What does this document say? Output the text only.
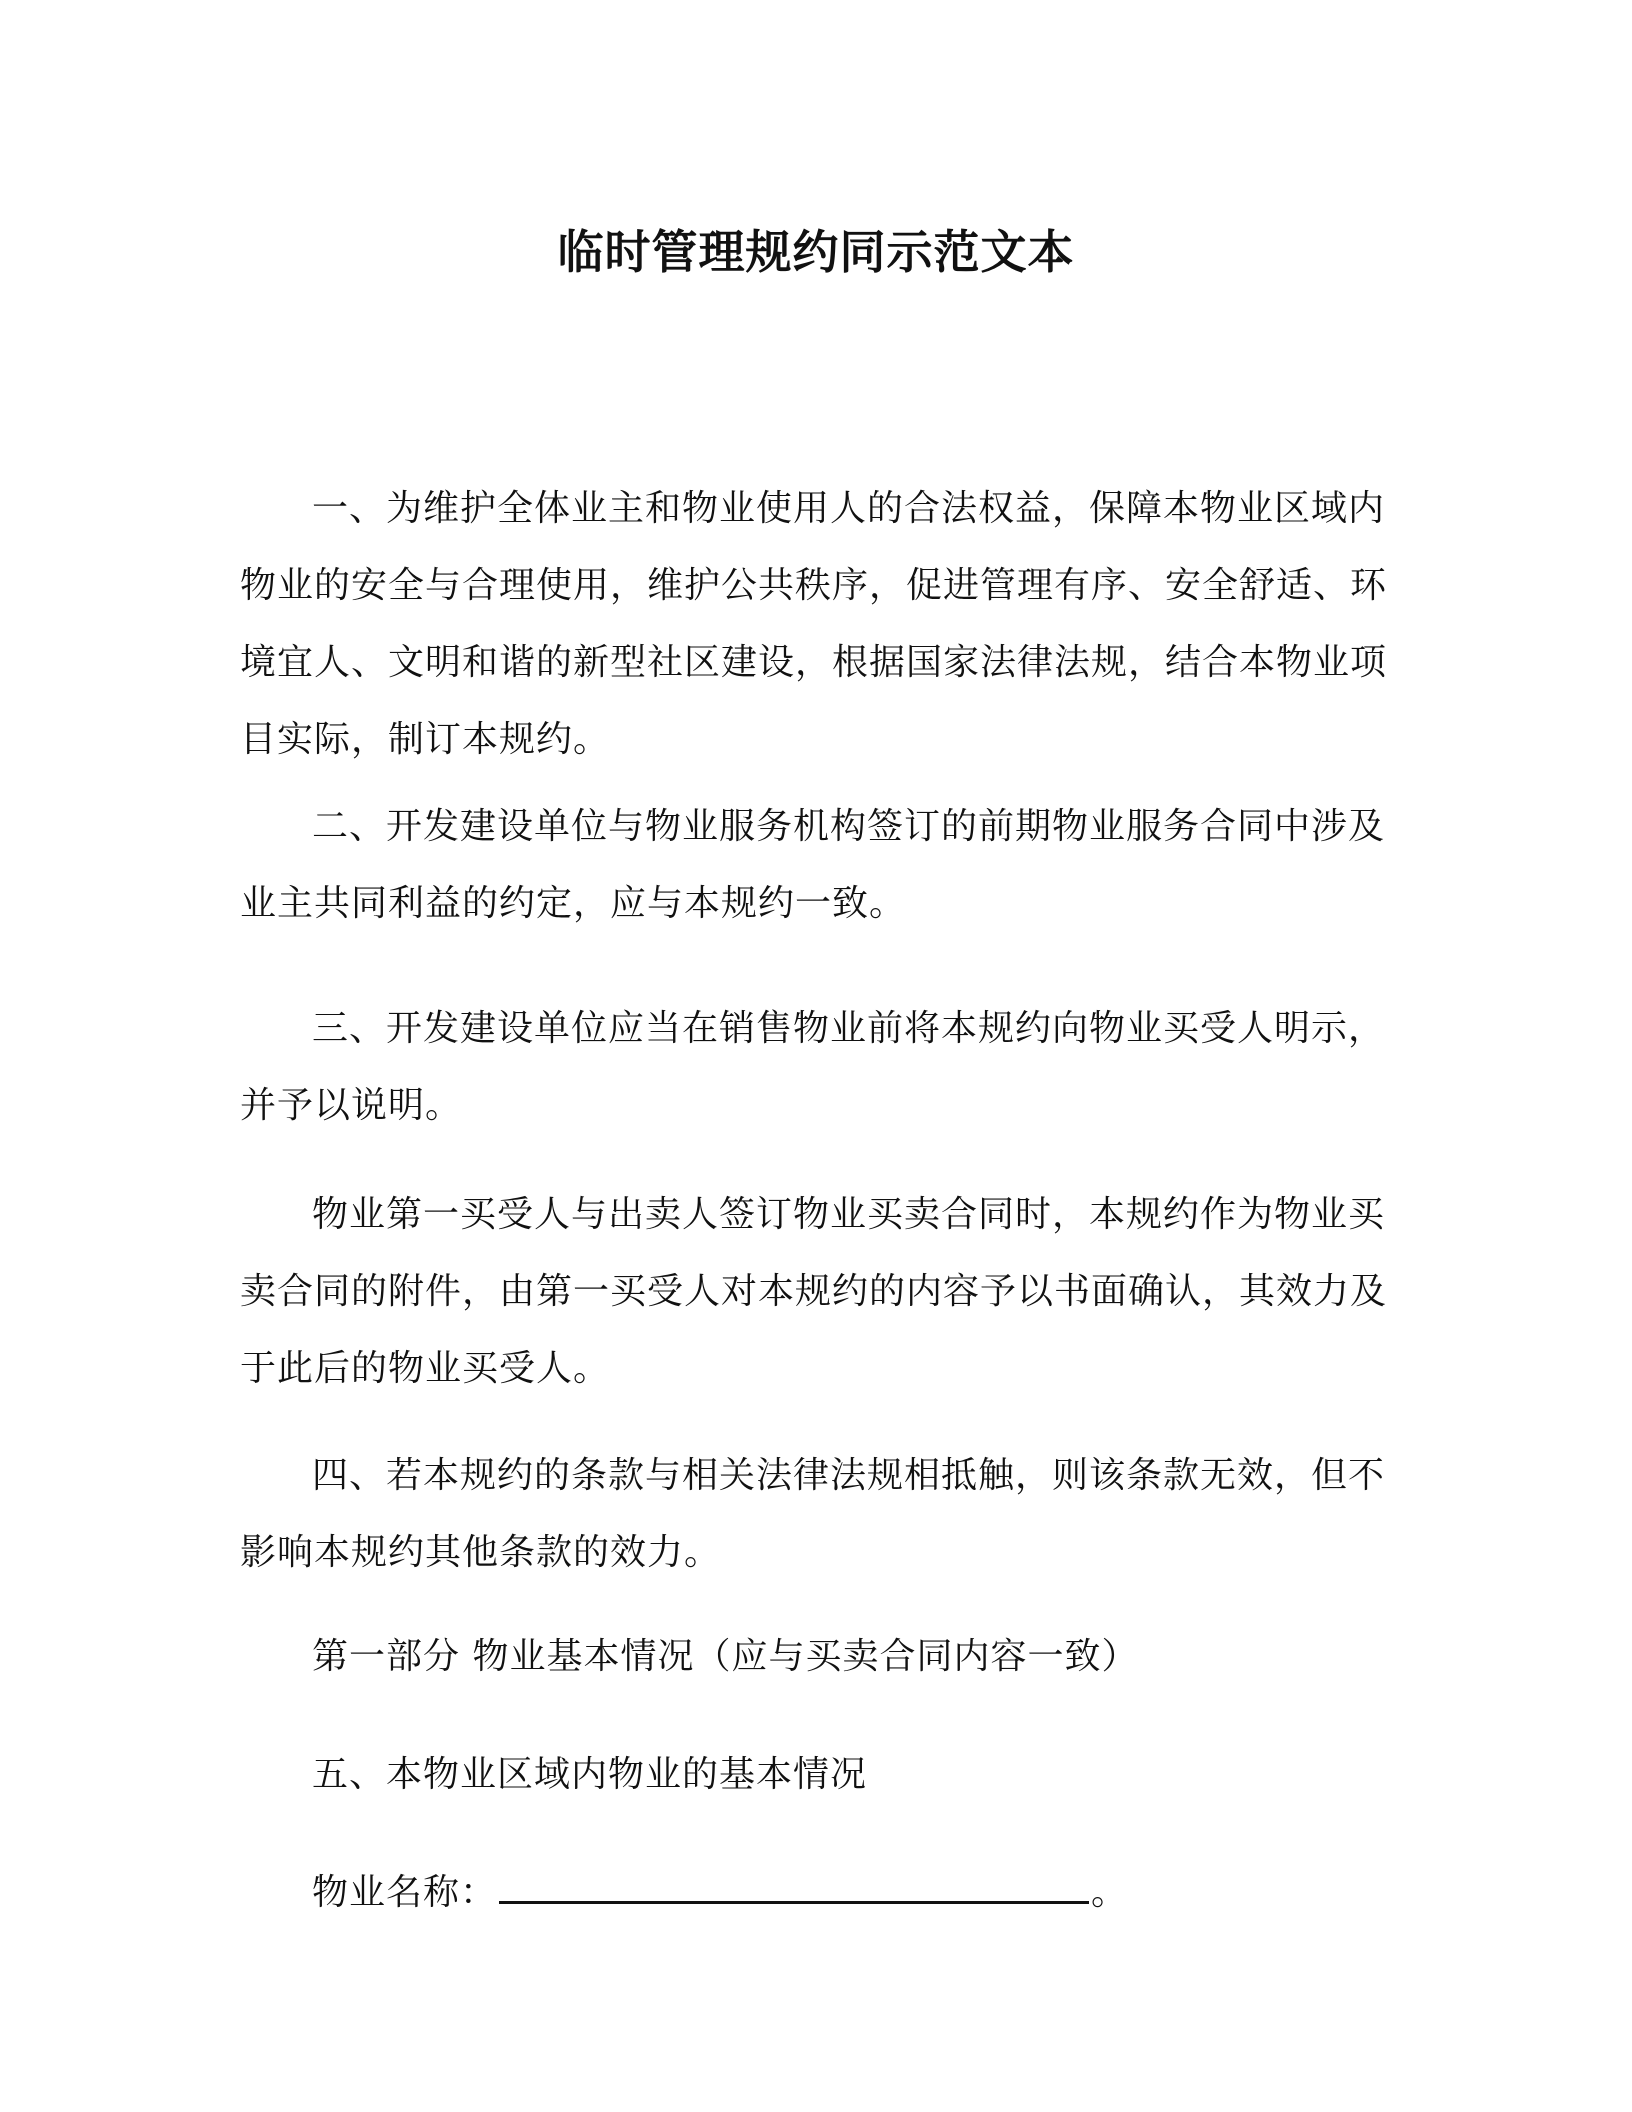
临时管理规约同示范文本

一、为维护全体业主和物业使用人的合法权益，保障本物业区域内物业的安全与合理使用，维护公共秩序，促进管理有序、安全舒适、环境宜人、文明和谐的新型社区建设，根据国家法律法规，结合本物业项目实际，制订本规约。

二、开发建设单位与物业服务机构签订的前期物业服务合同中涉及业主共同利益的约定，应与本规约一致。

三、开发建设单位应当在销售物业前将本规约向物业买受人明示，并予以说明。

物业第一买受人与出卖人签订物业买卖合同时，本规约作为物业买卖合同的附件，由第一买受人对本规约的内容予以书面确认，其效力及于此后的物业买受人。

四、若本规约的条款与相关法律法规相抵触，则该条款无效，但不影响本规约其他条款的效力。

第一部分 物业基本情况（应与买卖合同内容一致）

五、本物业区域内物业的基本情况

物业名称：	。
